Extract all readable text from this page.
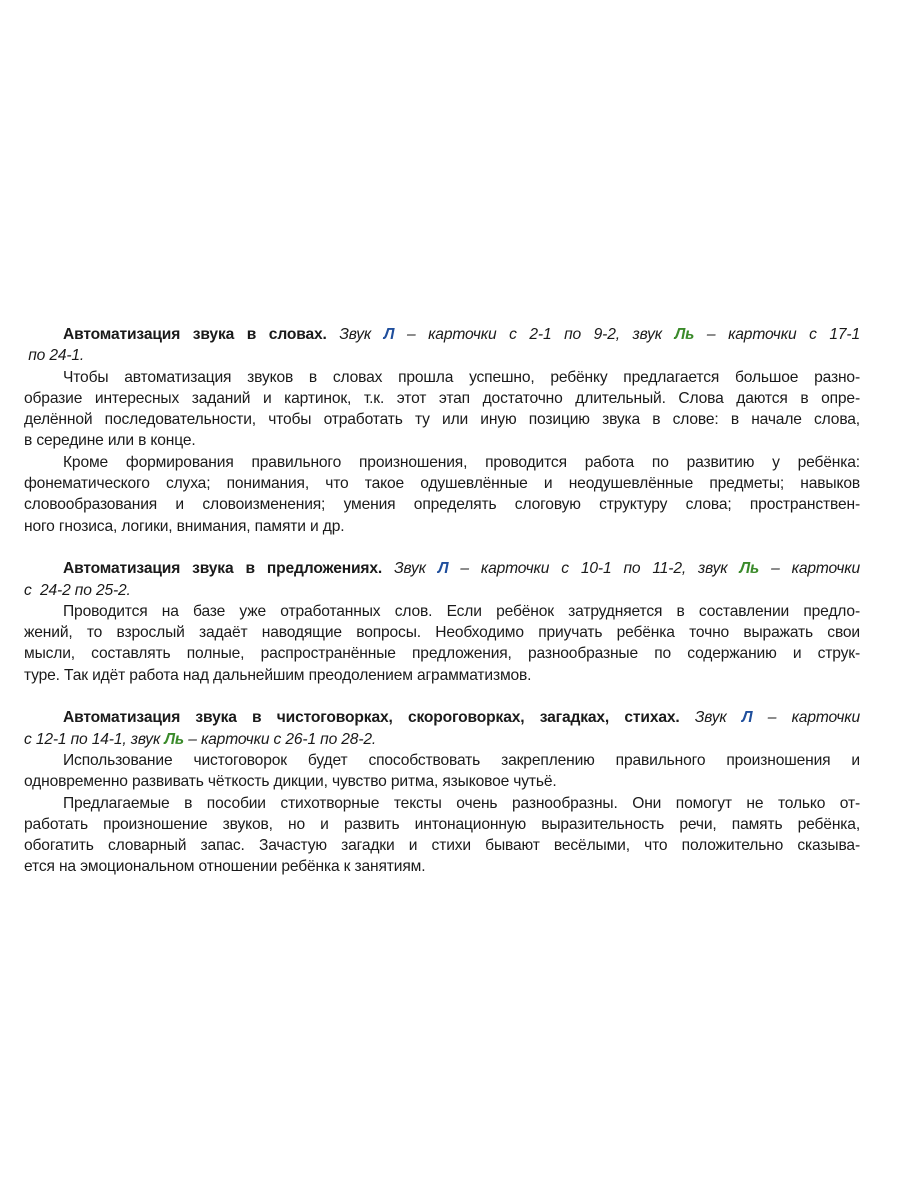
Автоматизация звука в словах. Звук Л – карточки с 2-1 по 9-2, звук Ль – карточки с 17-1
по 24-1.
Чтобы автоматизация звуков в словах прошла успешно, ребёнку предлагается большое разно-
образие интересных заданий и картинок, т.к. этот этап достаточно длительный. Слова даются в опре-
делённой последовательности, чтобы отработать ту или иную позицию звука в слове: в начале слова,
в середине или в конце.
Кроме формирования правильного произношения, проводится работа по развитию у ребёнка:
фонематического слуха; понимания, что такое одушевлённые и неодушевлённые предметы; навыков
словообразования и словоизменения; умения определять слоговую структуру слова; пространствен-
ного гнозиса, логики, внимания, памяти и др.
Автоматизация звука в предложениях. Звук Л – карточки с 10-1 по 11-2, звук Ль – карточки
с  24-2 по 25-2.
Проводится на базе уже отработанных слов. Если ребёнок затрудняется в составлении предло-
жений, то взрослый задаёт наводящие вопросы. Необходимо приучать ребёнка точно выражать свои
мысли, составлять полные, распространённые предложения, разнообразные по содержанию и струк-
туре. Так идёт работа над дальнейшим преодолением аграмматизмов.
Автоматизация звука в чистоговорках, скороговорках, загадках, стихах. Звук Л – карточки
с 12-1 по 14-1, звук Ль – карточки с 26-1 по 28-2.
Использование чистоговорок будет способствовать закреплению правильного произношения и
одновременно развивать чёткость дикции, чувство ритма, языковое чутьё.
Предлагаемые в пособии стихотворные тексты очень разнообразны. Они помогут не только от-
работать произношение звуков, но и развить интонационную выразительность речи, память ребёнка,
обогатить словарный запас. Зачастую загадки и стихи бывают весёлыми, что положительно сказыва-
ется на эмоциональном отношении ребёнка к занятиям.
